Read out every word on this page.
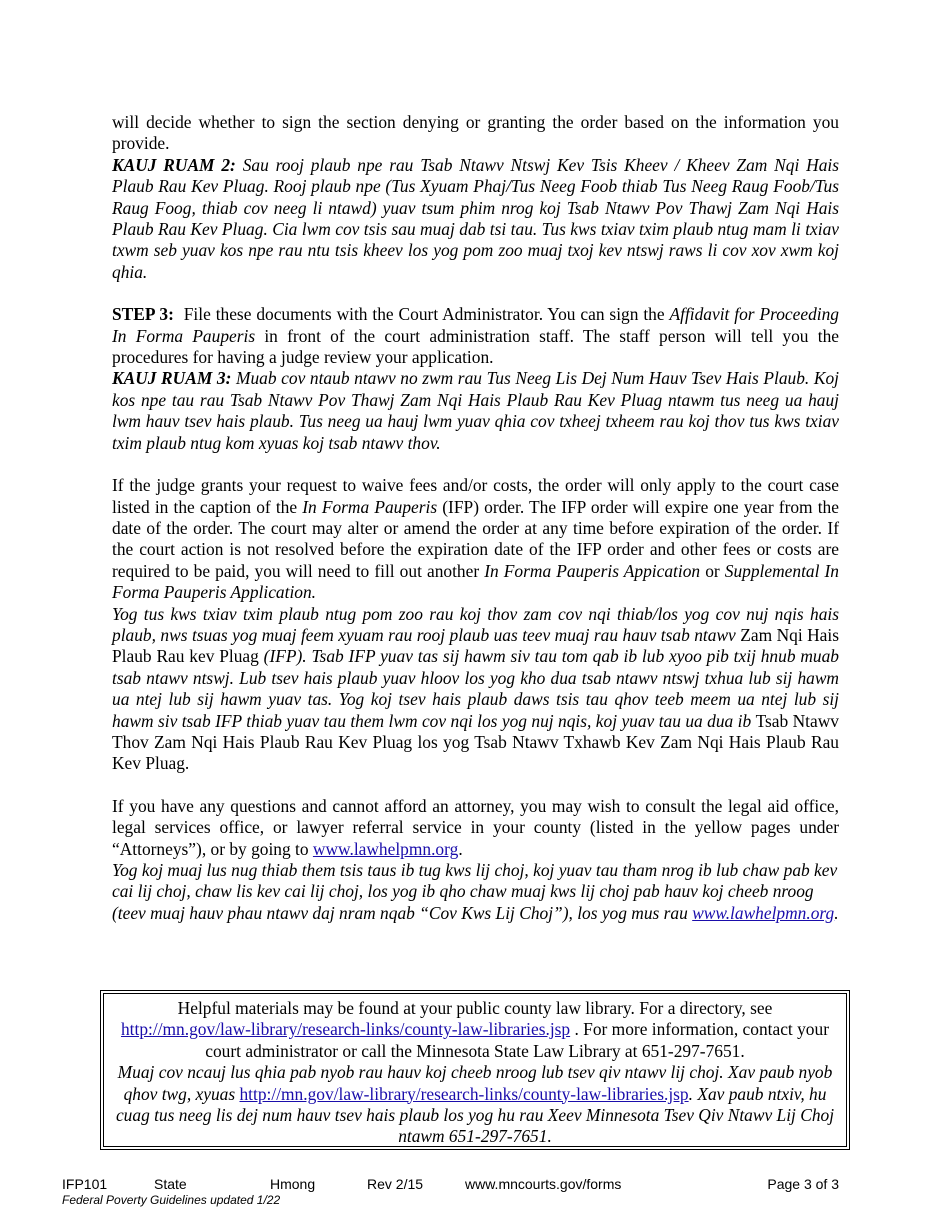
will decide whether to sign the section denying or granting the order based on the information you provide.

KAUJ RUAM 2: Sau rooj plaub npe rau Tsab Ntawv Ntswj Kev Tsis Kheev / Kheev Zam Nqi Hais Plaub Rau Kev Pluag. Rooj plaub npe (Tus Xyuam Phaj/Tus Neeg Foob thiab Tus Neeg Raug Foob/Tus Raug Foog, thiab cov neeg li ntawd) yuav tsum phim nrog koj Tsab Ntawv Pov Thawj Zam Nqi Hais Plaub Rau Kev Pluag. Cia lwm cov tsis sau muaj dab tsi tau. Tus kws txiav txim plaub ntug mam li txiav txwm seb yuav kos npe rau ntu tsis kheev los yog pom zoo muaj txoj kev ntswj raws li cov xov xwm koj qhia.

STEP 3: File these documents with the Court Administrator. You can sign the Affidavit for Proceeding In Forma Pauperis in front of the court administration staff. The staff person will tell you the procedures for having a judge review your application.

KAUJ RUAM 3: Muab cov ntaub ntawv no zwm rau Tus Neeg Lis Dej Num Hauv Tsev Hais Plaub. Koj kos npe tau rau Tsab Ntawv Pov Thawj Zam Nqi Hais Plaub Rau Kev Pluag ntawm tus neeg ua hauj lwm hauv tsev hais plaub. Tus neeg ua hauj lwm yuav qhia cov txheej txheem rau koj thov tus kws txiav txim plaub ntug kom xyuas koj tsab ntawv thov.

If the judge grants your request to waive fees and/or costs, the order will only apply to the court case listed in the caption of the In Forma Pauperis (IFP) order. The IFP order will expire one year from the date of the order. The court may alter or amend the order at any time before expiration of the order. If the court action is not resolved before the expiration date of the IFP order and other fees or costs are required to be paid, you will need to fill out another In Forma Pauperis Appication or Supplemental In Forma Pauperis Application.

Yog tus kws txiav txim plaub ntug pom zoo rau koj thov zam cov nqi thiab/los yog cov nuj nqis hais plaub, nws tsuas yog muaj feem xyuam rau rooj plaub uas teev muaj rau hauv tsab ntawv Zam Nqi Hais Plaub Rau kev Pluag (IFP). Tsab IFP yuav tas sij hawm siv tau tom qab ib lub xyoo pib txij hnub muab tsab ntawv ntswj. Lub tsev hais plaub yuav hloov los yog kho dua tsab ntawv ntswj txhua lub sij hawm ua ntej lub sij hawm yuav tas. Yog koj tsev hais plaub daws tsis tau qhov teeb meem ua ntej lub sij hawm siv tsab IFP thiab yuav tau them lwm cov nqi los yog nuj nqis, koj yuav tau ua dua ib Tsab Ntawv Thov Zam Nqi Hais Plaub Rau Kev Pluag los yog Tsab Ntawv Txhawb Kev Zam Nqi Hais Plaub Rau Kev Pluag.

If you have any questions and cannot afford an attorney, you may wish to consult the legal aid office, legal services office, or lawyer referral service in your county (listed in the yellow pages under “Attorneys”), or by going to www.lawhelpmn.org.

Yog koj muaj lus nug thiab them tsis taus ib tug kws lij choj, koj yuav tau tham nrog ib lub chaw pab kev cai lij choj, chaw lis kev cai lij choj, los yog ib qho chaw muaj kws lij choj pab hauv koj cheeb nroog (teev muaj hauv phau ntawv daj nram nqab “Cov Kws Lij Choj”), los yog mus rau www.lawhelpmn.org.

Helpful materials may be found at your public county law library. For a directory, see
http://mn.gov/law-library/research-links/county-law-libraries.jsp . For more information, contact your court administrator or call the Minnesota State Law Library at 651-297-7651.

Muaj cov ncauj lus qhia pab nyob rau hauv koj cheeb nroog lub tsev qiv ntawv lij choj. Xav paub nyob qhov twg, xyuas http://mn.gov/law-library/research-links/county-law-libraries.jsp. Xav paub ntxiv, hu cuag tus neeg lis dej num hauv tsev hais plaub los yog hu rau Xeev Minnesota Tsev Qiv Ntawv Lij Choj ntawm 651-297-7651.

IFP101	State	Hmong	Rev 2/15	www.mncourts.gov/forms	Page 3 of 3
Federal Poverty Guidelines updated 1/22
